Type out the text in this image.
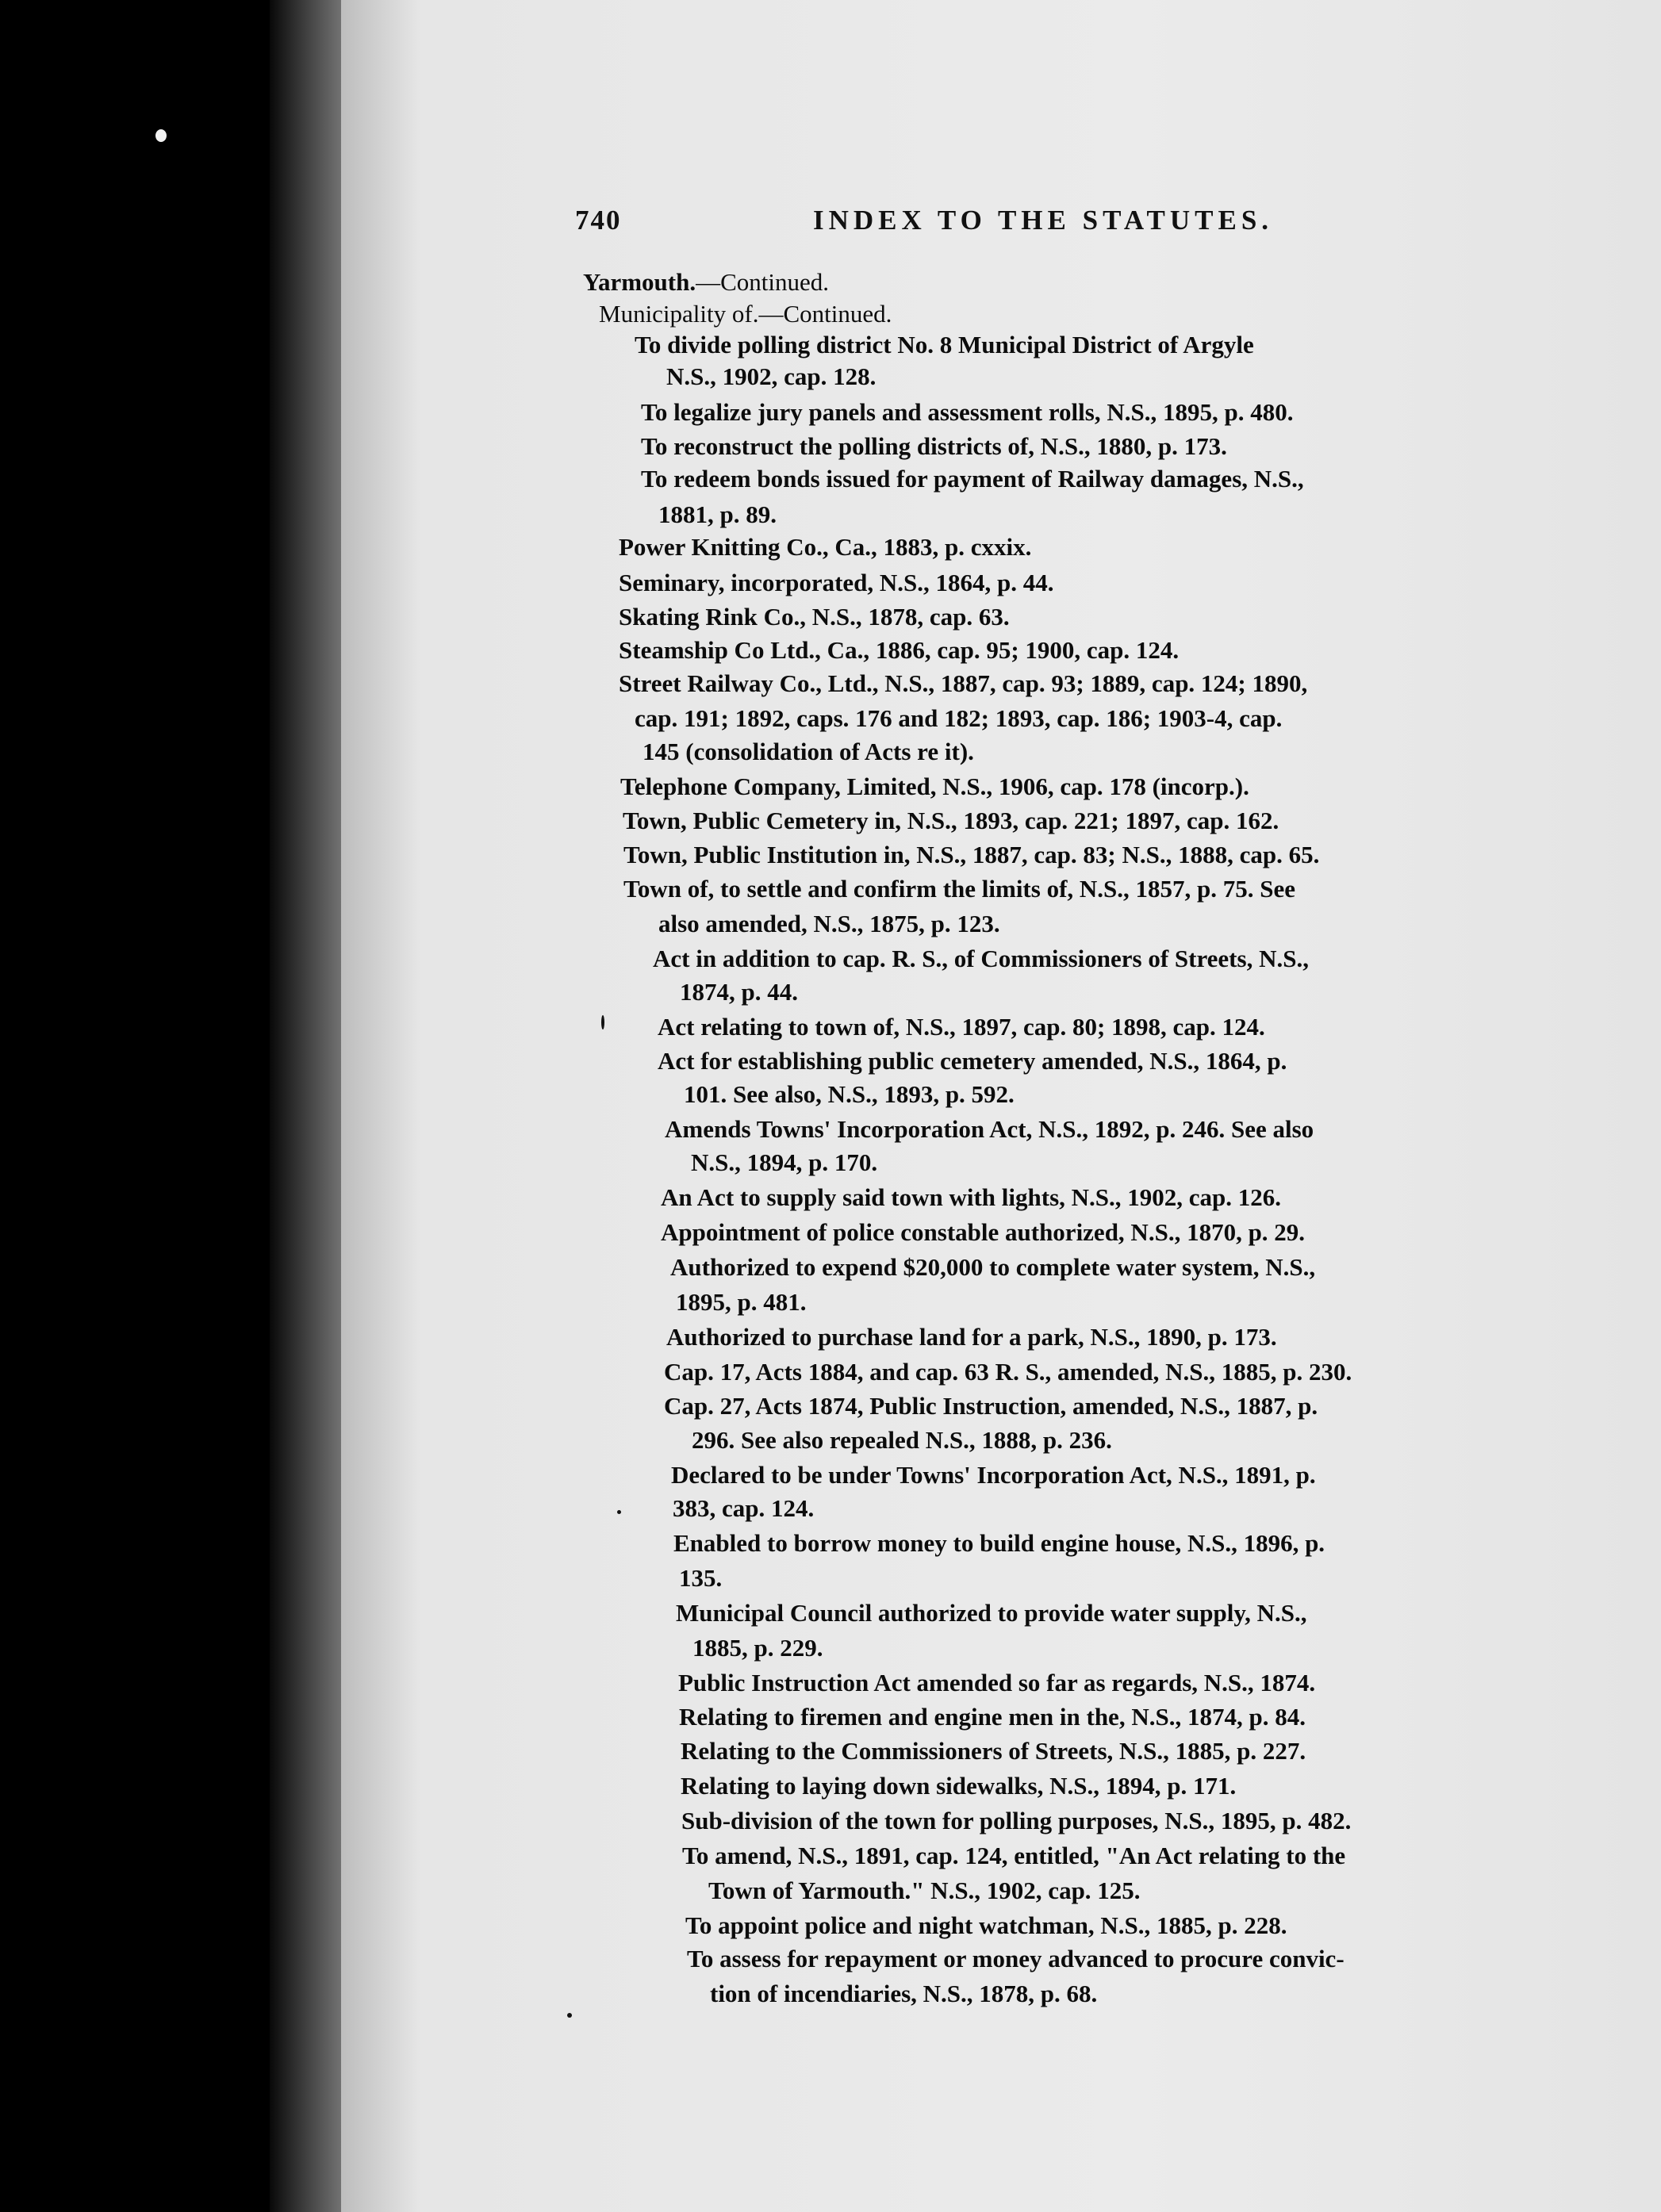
740	INDEX TO THE STATUTES.
Yarmouth.—Continued.
Municipality of.—Continued.
To divide polling district No. 8 Municipal District of Argyle
N.S., 1902, cap. 128.
To legalize jury panels and assessment rolls, N.S., 1895, p. 480.
To reconstruct the polling districts of, N.S., 1880, p. 173.
To redeem bonds issued for payment of Railway damages, N.S.,
1881, p. 89.
Power Knitting Co., Ca., 1883, p. cxxix.
Seminary, incorporated, N.S., 1864, p. 44.
Skating Rink Co., N.S., 1878, cap. 63.
Steamship Co Ltd., Ca., 1886, cap. 95; 1900, cap. 124.
Street Railway Co., Ltd., N.S., 1887, cap. 93; 1889, cap. 124; 1890,
cap. 191; 1892, caps. 176 and 182; 1893, cap. 186; 1903-4, cap.
145 (consolidation of Acts re it).
Telephone Company, Limited, N.S., 1906, cap. 178 (incorp.).
Town, Public Cemetery in, N.S., 1893, cap. 221; 1897, cap. 162.
Town, Public Institution in, N.S., 1887, cap. 83; N.S., 1888, cap. 65.
Town of, to settle and confirm the limits of, N.S., 1857, p. 75. See
also amended, N.S., 1875, p. 123.
Act in addition to cap. R. S., of Commissioners of Streets, N.S.,
1874, p. 44.
Act relating to town of, N.S., 1897, cap. 80; 1898, cap. 124.
Act for establishing public cemetery amended, N.S., 1864, p.
101. See also, N.S., 1893, p. 592.
Amends Towns' Incorporation Act, N.S., 1892, p. 246. See also
N.S., 1894, p. 170.
An Act to supply said town with lights, N.S., 1902, cap. 126.
Appointment of police constable authorized, N.S., 1870, p. 29.
Authorized to expend $20,000 to complete water system, N.S.,
1895, p. 481.
Authorized to purchase land for a park, N.S., 1890, p. 173.
Cap. 17, Acts 1884, and cap. 63 R. S., amended, N.S., 1885, p. 230.
Cap. 27, Acts 1874, Public Instruction, amended, N.S., 1887, p.
296. See also repealed N.S., 1888, p. 236.
Declared to be under Towns' Incorporation Act, N.S., 1891, p.
383, cap. 124.
Enabled to borrow money to build engine house, N.S., 1896, p.
135.
Municipal Council authorized to provide water supply, N.S.,
1885, p. 229.
Public Instruction Act amended so far as regards, N.S., 1874.
Relating to firemen and engine men in the, N.S., 1874, p. 84.
Relating to the Commissioners of Streets, N.S., 1885, p. 227.
Relating to laying down sidewalks, N.S., 1894, p. 171.
Sub-division of the town for polling purposes, N.S., 1895, p. 482.
To amend, N.S., 1891, cap. 124, entitled, "An Act relating to the
Town of Yarmouth." N.S., 1902, cap. 125.
To appoint police and night watchman, N.S., 1885, p. 228.
To assess for repayment or money advanced to procure convic-
tion of incendiaries, N.S., 1878, p. 68.
